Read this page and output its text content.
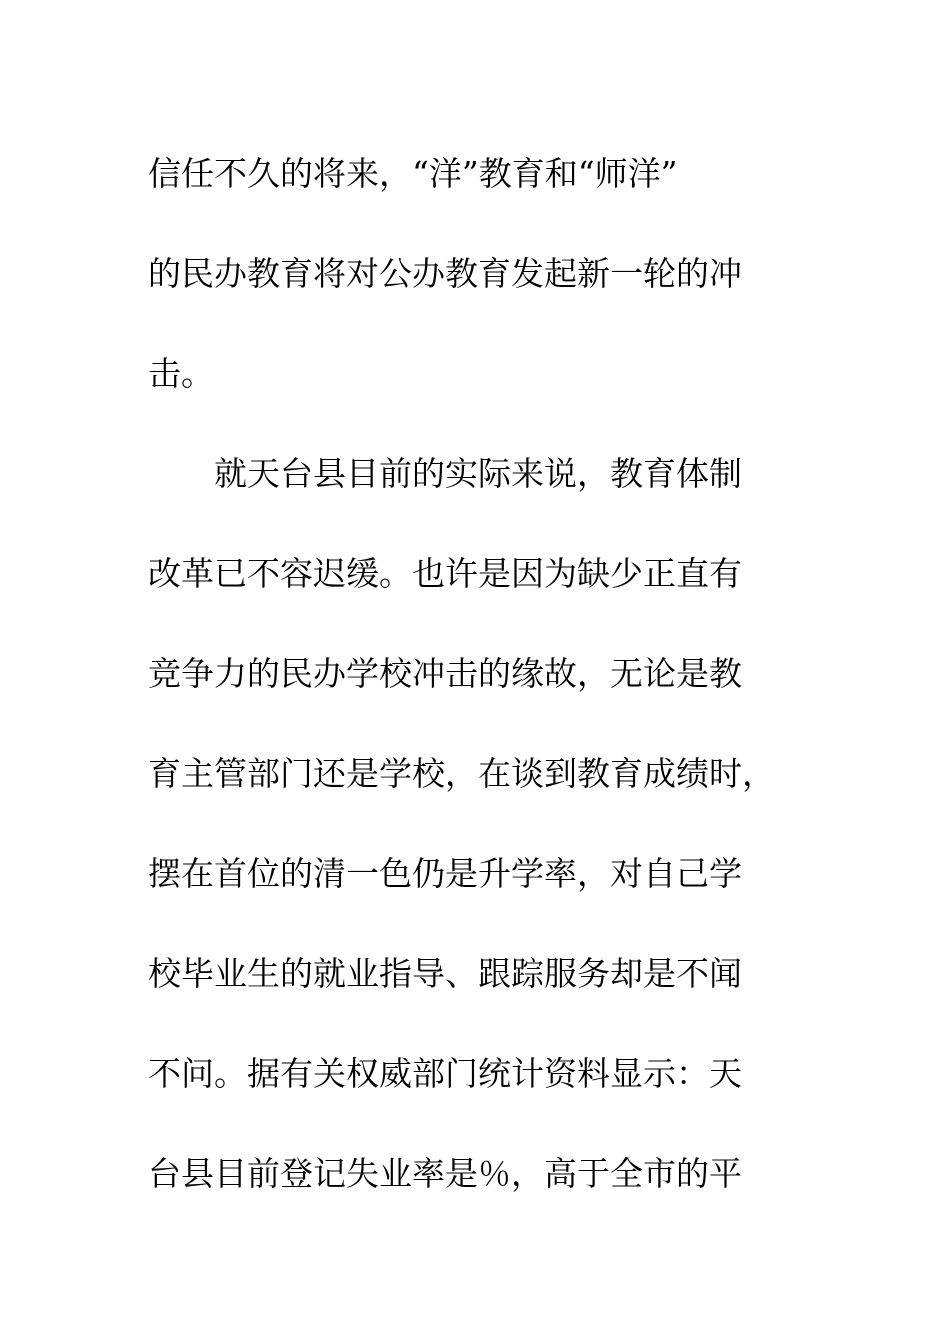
信任不久的将来，“洋”教育和“师洋”
的民办教育将对公办教育发起新一轮的冲
击。
就天台县目前的实际来说，教育体制
改革已不容迟缓。也许是因为缺少正直有
竞争力的民办学校冲击的缘故，无论是教
育主管部门还是学校，在谈到教育成绩时，
摆在首位的清一色仍是升学率，对自己学
校毕业生的就业指导、跟踪服务却是不闻
不问。据有关权威部门统计资料显示：天
台县目前登记失业率是％，高于全市的平
